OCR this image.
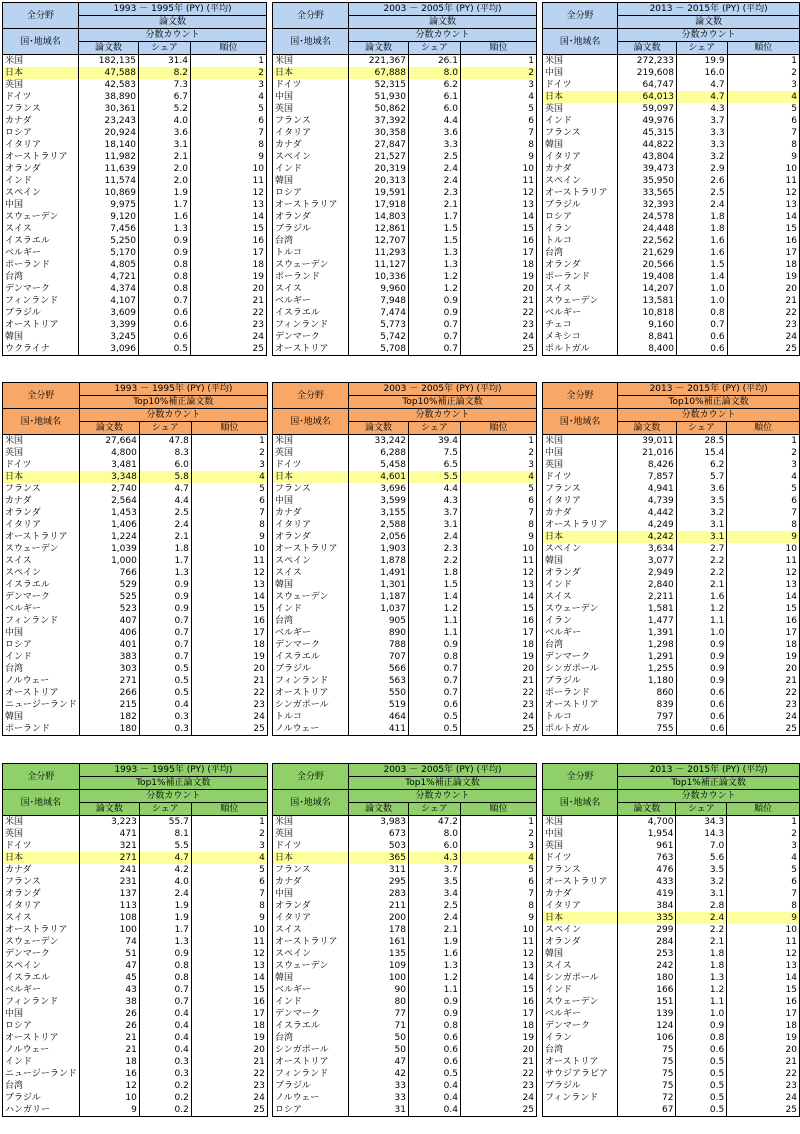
全分野	1993 － 1995年 (PY) (平均)		
	論文数		
国･地域名	分数カウント		
	論文数	シェア	順位
米国	182,135	31.4	1
日本	47,588	8.2	2
英国	42,583	7.3	3
ドイツ	38,890	6.7	4
フランス	30,361	5.2	5
カナダ	23,243	4.0	6
ロシア	20,924	3.6	7
イタリア	18,140	3.1	8
オーストラリア	11,982	2.1	9
オランダ	11,639	2.0	10
インド	11,574	2.0	11
スペイン	10,869	1.9	12
中国	9,975	1.7	13
スウェーデン	9,120	1.6	14
スイス	7,456	1.3	15
イスラエル	5,250	0.9	16
ベルギー	5,170	0.9	17
ポーランド	4,805	0.8	18
台湾	4,721	0.8	19
デンマーク	4,374	0.8	20
フィンランド	4,107	0.7	21
ブラジル	3,609	0.6	22
オーストリア	3,399	0.6	23
韓国	3,245	0.6	24
ウクライナ	3,096	0.5	25
全分野	2003 － 2005年 (PY) (平均)		
	論文数		
国･地域名	分数カウント		
	論文数	シェア	順位
米国	221,367	26.1	1
日本	67,888	8.0	2
ドイツ	52,315	6.2	3
中国	51,930	6.1	4
英国	50,862	6.0	5
フランス	37,392	4.4	6
イタリア	30,358	3.6	7
カナダ	27,847	3.3	8
スペイン	21,527	2.5	9
インド	20,319	2.4	10
韓国	20,313	2.4	11
ロシア	19,591	2.3	12
オーストラリア	17,918	2.1	13
オランダ	14,803	1.7	14
ブラジル	12,861	1.5	15
台湾	12,707	1.5	16
トルコ	11,293	1.3	17
スウェーデン	11,127	1.3	18
ポーランド	10,336	1.2	19
スイス	9,960	1.2	20
ベルギー	7,948	0.9	21
イスラエル	7,474	0.9	22
フィンランド	5,773	0.7	23
デンマーク	5,742	0.7	24
オーストリア	5,708	0.7	25
全分野	2013 － 2015年 (PY) (平均)		
	論文数		
国･地域名	分数カウント		
	論文数	シェア	順位
米国	272,233	19.9	1
中国	219,608	16.0	2
ドイツ	64,747	4.7	3
日本	64,013	4.7	4
英国	59,097	4.3	5
インド	49,976	3.7	6
フランス	45,315	3.3	7
韓国	44,822	3.3	8
イタリア	43,804	3.2	9
カナダ	39,473	2.9	10
スペイン	35,950	2.6	11
オーストラリア	33,565	2.5	12
ブラジル	32,393	2.4	13
ロシア	24,578	1.8	14
イラン	24,448	1.8	15
トルコ	22,562	1.6	16
台湾	21,629	1.6	17
オランダ	20,566	1.5	18
ポーランド	19,408	1.4	19
スイス	14,207	1.0	20
スウェーデン	13,581	1.0	21
ベルギー	10,818	0.8	22
チェコ	9,160	0.7	23
メキシコ	8,841	0.6	24
ポルトガル	8,400	0.6	25
全分野	1993 － 1995年 (PY) (平均)		
	Top10%補正論文数		
国･地域名	分数カウント		
	論文数	シェア	順位
米国	27,664	47.8	1
英国	4,800	8.3	2
ドイツ	3,481	6.0	3
日本	3,348	5.8	4
フランス	2,740	4.7	5
カナダ	2,564	4.4	6
オランダ	1,453	2.5	7
イタリア	1,406	2.4	8
オーストラリア	1,224	2.1	9
スウェーデン	1,039	1.8	10
スイス	1,000	1.7	11
スペイン	766	1.3	12
イスラエル	529	0.9	13
デンマーク	525	0.9	14
ベルギー	523	0.9	15
フィンランド	407	0.7	16
中国	406	0.7	17
ロシア	401	0.7	18
インド	383	0.7	19
台湾	303	0.5	20
ノルウェー	271	0.5	21
オーストリア	266	0.5	22
ニュージーランド	215	0.4	23
韓国	182	0.3	24
ポーランド	180	0.3	25
全分野	2003 － 2005年 (PY) (平均)		
	Top10%補正論文数		
国･地域名	分数カウント		
	論文数	シェア	順位
米国	33,242	39.4	1
英国	6,288	7.5	2
ドイツ	5,458	6.5	3
日本	4,601	5.5	4
フランス	3,696	4.4	5
中国	3,599	4.3	6
カナダ	3,155	3.7	7
イタリア	2,588	3.1	8
オランダ	2,056	2.4	9
オーストラリア	1,903	2.3	10
スペイン	1,878	2.2	11
スイス	1,491	1.8	12
韓国	1,301	1.5	13
スウェーデン	1,187	1.4	14
インド	1,037	1.2	15
台湾	905	1.1	16
ベルギー	890	1.1	17
デンマーク	788	0.9	18
イスラエル	707	0.8	19
ブラジル	566	0.7	20
フィンランド	563	0.7	21
オーストリア	550	0.7	22
シンガポール	519	0.6	23
トルコ	464	0.5	24
ノルウェー	411	0.5	25
全分野	2013 － 2015年 (PY) (平均)		
	Top10%補正論文数		
国･地域名	分数カウント		
	論文数	シェア	順位
米国	39,011	28.5	1
中国	21,016	15.4	2
英国	8,426	6.2	3
ドイツ	7,857	5.7	4
フランス	4,941	3.6	5
イタリア	4,739	3.5	6
カナダ	4,442	3.2	7
オーストラリア	4,249	3.1	8
日本	4,242	3.1	9
スペイン	3,634	2.7	10
韓国	3,077	2.2	11
オランダ	2,949	2.2	12
インド	2,840	2.1	13
スイス	2,211	1.6	14
スウェーデン	1,581	1.2	15
イラン	1,477	1.1	16
ベルギー	1,391	1.0	17
台湾	1,298	0.9	18
デンマーク	1,291	0.9	19
シンガポール	1,255	0.9	20
ブラジル	1,180	0.9	21
ポーランド	860	0.6	22
オーストリア	839	0.6	23
トルコ	797	0.6	24
ポルトガル	755	0.6	25
全分野	1993 － 1995年 (PY) (平均)		
	Top1%補正論文数		
国･地域名	分数カウント		
	論文数	シェア	順位
米国	3,223	55.7	1
英国	471	8.1	2
ドイツ	321	5.5	3
日本	271	4.7	4
カナダ	241	4.2	5
フランス	231	4.0	6
オランダ	137	2.4	7
イタリア	113	1.9	8
スイス	108	1.9	9
オーストラリア	100	1.7	10
スウェーデン	74	1.3	11
デンマーク	51	0.9	12
スペイン	47	0.8	13
イスラエル	45	0.8	14
ベルギー	43	0.7	15
フィンランド	38	0.7	16
中国	26	0.4	17
ロシア	26	0.4	18
オーストリア	21	0.4	19
ノルウェー	21	0.4	20
インド	18	0.3	21
ニュージーランド	16	0.3	22
台湾	12	0.2	23
ブラジル	10	0.2	24
ハンガリー	9	0.2	25
全分野	2003 － 2005年 (PY) (平均)		
	Top1%補正論文数		
国･地域名	分数カウント		
	論文数	シェア	順位
米国	3,983	47.2	1
英国	673	8.0	2
ドイツ	503	6.0	3
日本	365	4.3	4
フランス	311	3.7	5
カナダ	295	3.5	6
中国	283	3.4	7
オランダ	211	2.5	8
イタリア	200	2.4	9
スイス	178	2.1	10
オーストラリア	161	1.9	11
スペイン	135	1.6	12
スウェーデン	109	1.3	13
韓国	100	1.2	14
ベルギー	90	1.1	15
インド	80	0.9	16
デンマーク	77	0.9	17
イスラエル	71	0.8	18
台湾	50	0.6	19
シンガポール	50	0.6	20
オーストリア	47	0.6	21
フィンランド	42	0.5	22
ブラジル	33	0.4	23
ノルウェー	33	0.4	24
ロシア	31	0.4	25
全分野	2013 － 2015年 (PY) (平均)		
	Top1%補正論文数		
国･地域名	分数カウント		
	論文数	シェア	順位
米国	4,700	34.3	1
中国	1,954	14.3	2
英国	961	7.0	3
ドイツ	763	5.6	4
フランス	476	3.5	5
オーストラリア	433	3.2	6
カナダ	419	3.1	7
イタリア	384	2.8	8
日本	335	2.4	9
スペイン	299	2.2	10
オランダ	284	2.1	11
韓国	253	1.8	12
スイス	242	1.8	13
シンガポール	180	1.3	14
インド	166	1.2	15
スウェーデン	151	1.1	16
ベルギー	139	1.0	17
デンマーク	124	0.9	18
イラン	106	0.8	19
台湾	75	0.6	20
オーストリア	75	0.5	21
サウジアラビア	75	0.5	22
ブラジル	75	0.5	23
フィンランド	72	0.5	24
	67	0.5	25
